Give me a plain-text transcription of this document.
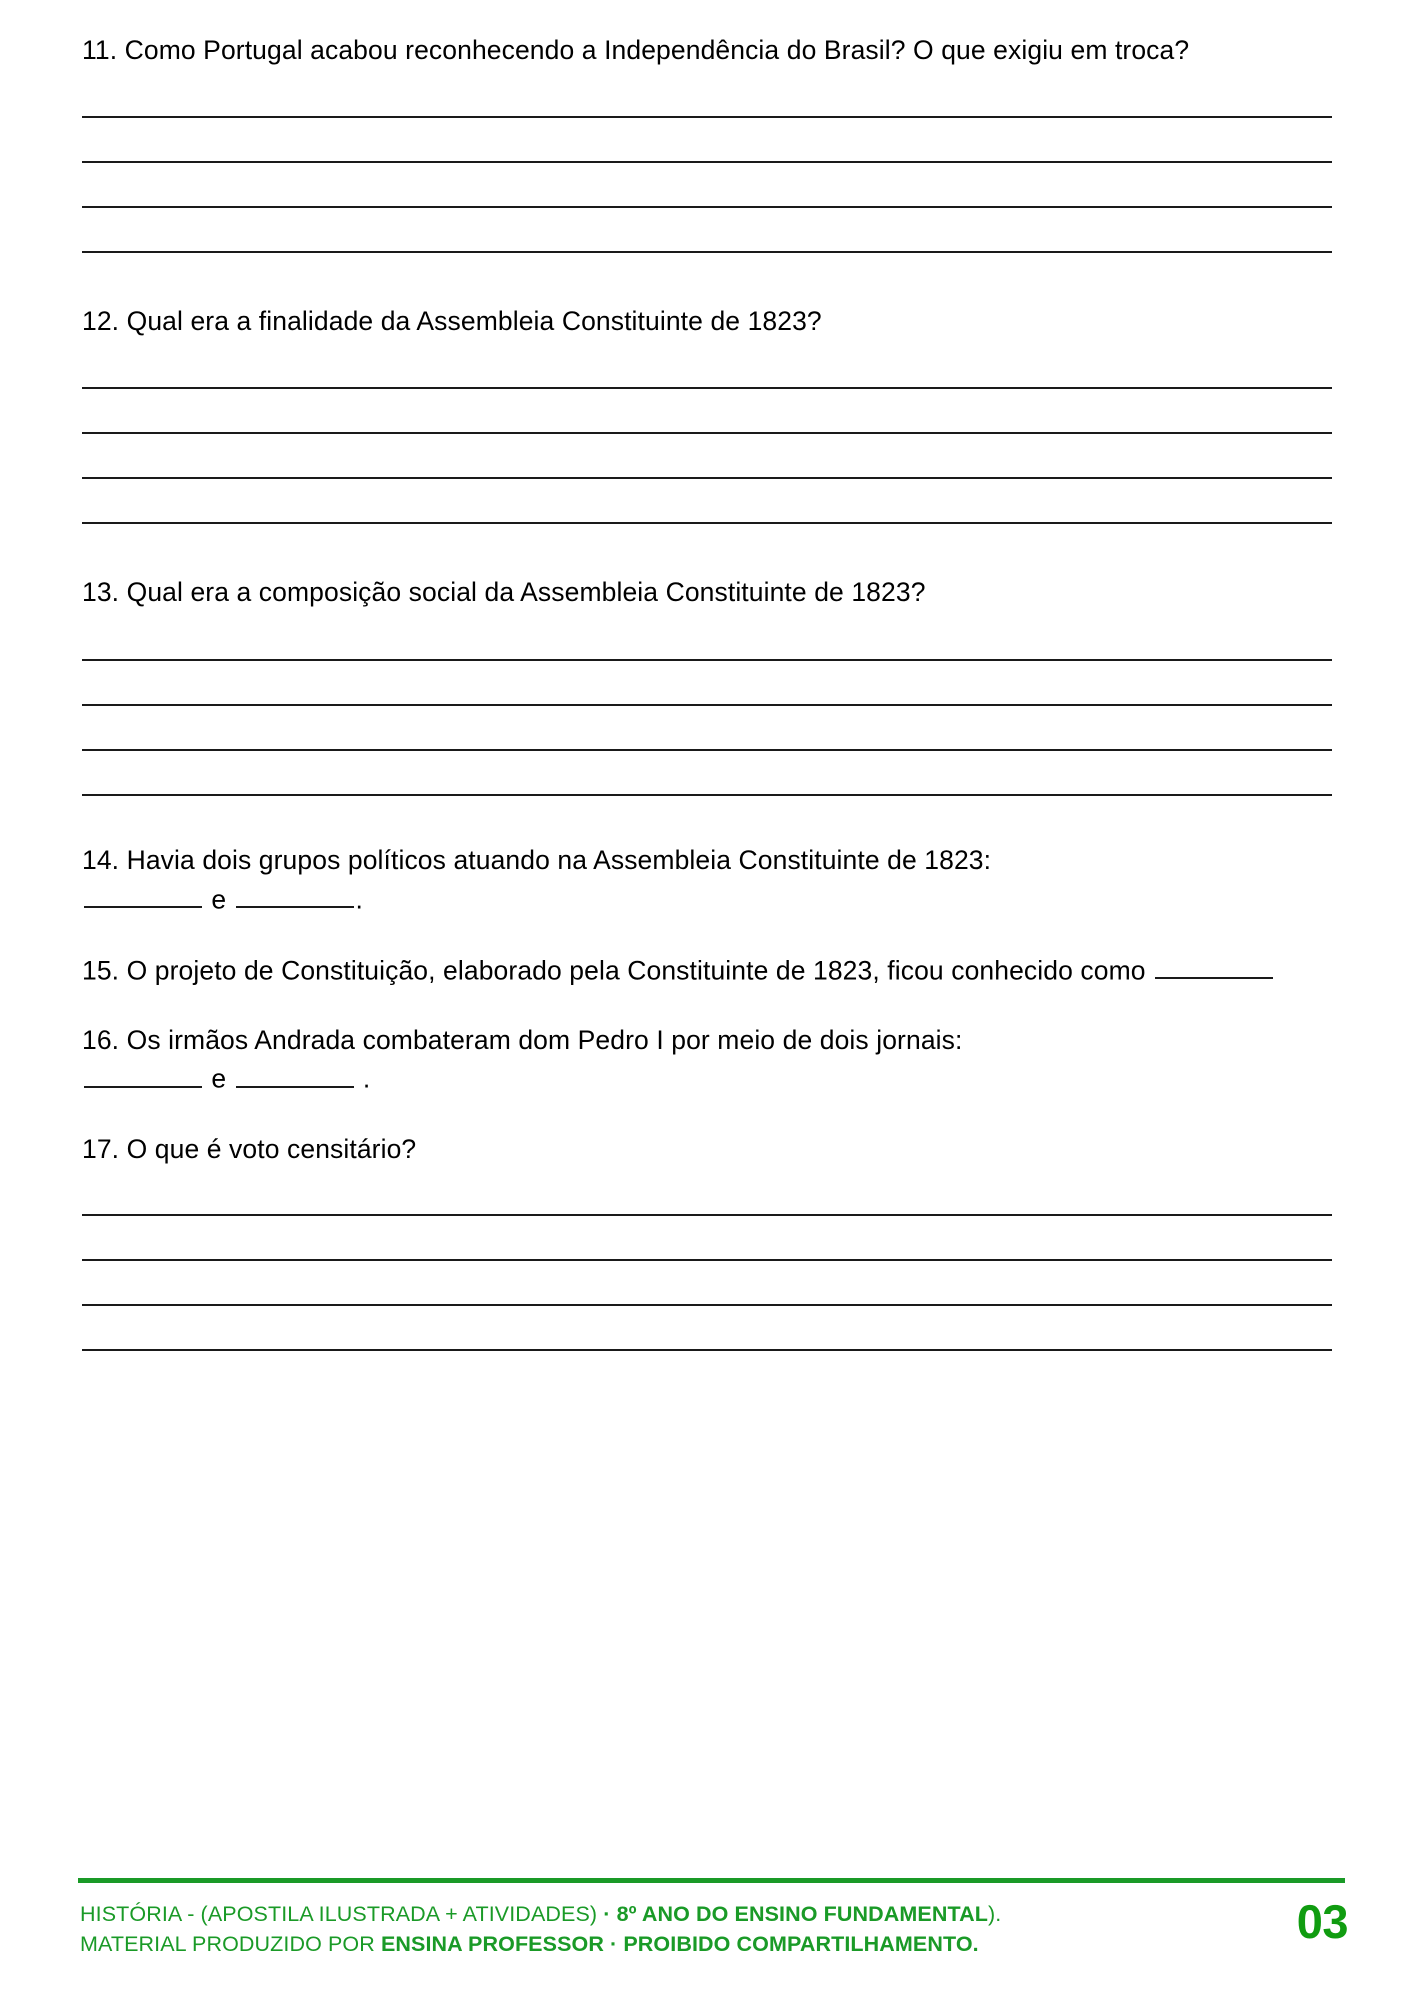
11. Como Portugal acabou reconhecendo a Independência do Brasil? O que exigiu em troca?
12. Qual era a finalidade da Assembleia Constituinte de 1823?
13. Qual era a composição social da Assembleia Constituinte de 1823?
14. Havia dois grupos políticos atuando na Assembleia Constituinte de 1823:
e	.
15. O projeto de Constituição, elaborado pela Constituinte de 1823, ficou conhecido como
16. Os irmãos Andrada combateram dom Pedro I por meio de dois jornais:
e	.
17. O que é voto censitário?
HISTÓRIA - (APOSTILA ILUSTRADA + ATIVIDADES) · 8º ANO DO ENSINO FUNDAMENTAL).
MATERIAL PRODUZIDO POR ENSINA PROFESSOR · PROIBIDO COMPARTILHAMENTO.	03
